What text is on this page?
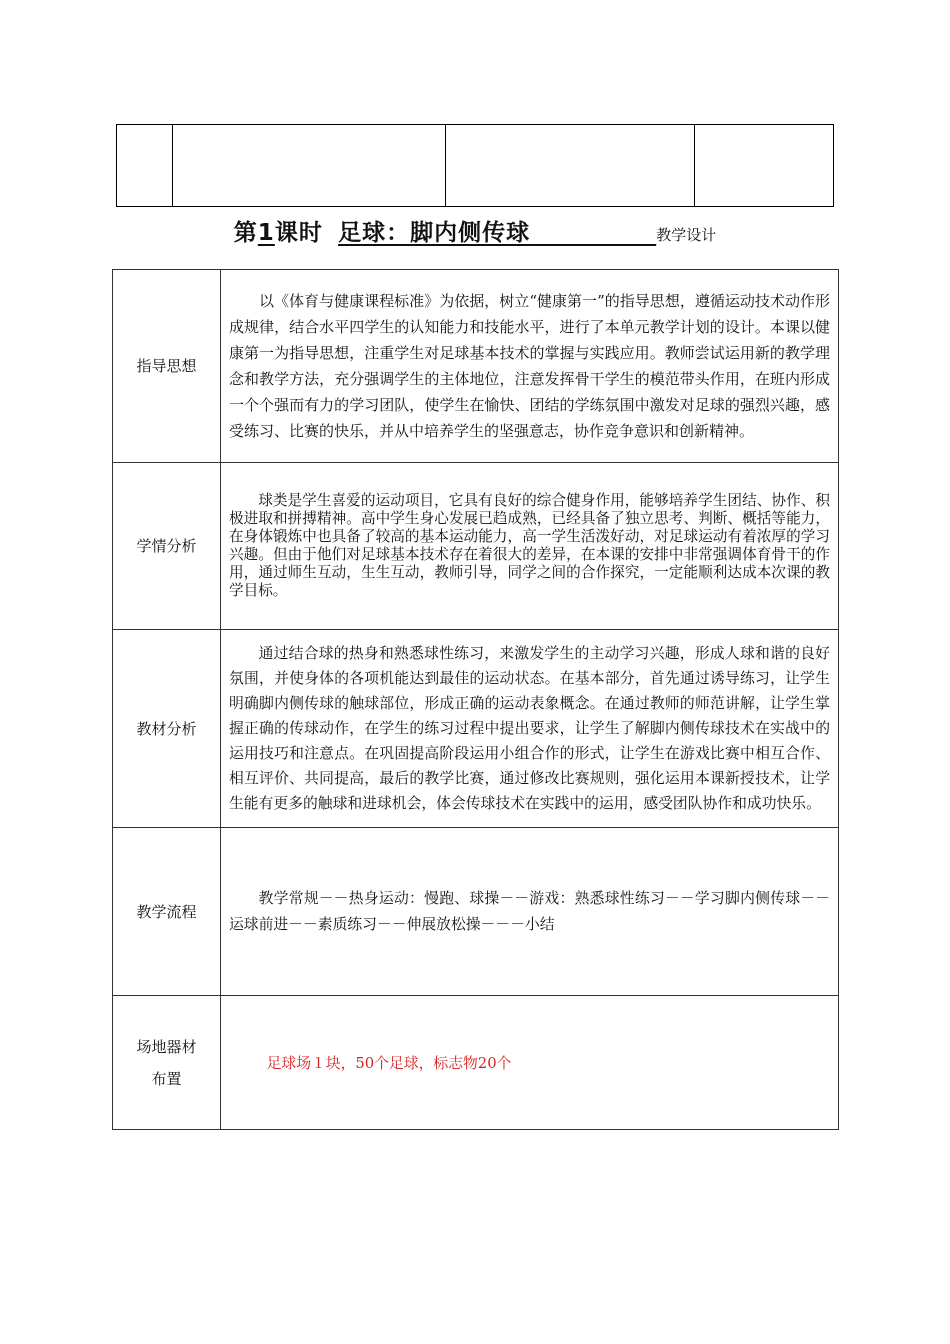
第1课时 足球：脚内侧传球	教学设计
指导思想	以《体育与健康课程标准》为依据，树立“健康第一”的指导思想，遵循运动技术动作形成规律，结合水平四学生的认知能力和技能水平，进行了本单元教学计划的设计。本课以健康第一为指导思想，注重学生对足球基本技术的掌握与实践应用。教师尝试运用新的教学理念和教学方法，充分强调学生的主体地位，注意发挥骨干学生的模范带头作用，在班内形成一个个强而有力的学习团队，使学生在愉快、团结的学练氛围中激发对足球的强烈兴趣，感受练习、比赛的快乐，并从中培养学生的坚强意志，协作竞争意识和创新精神。

学情分析	球类是学生喜爱的运动项目，它具有良好的综合健身作用，能够培养学生团结、协作、积极进取和拼搏精神。高中学生身心发展已趋成熟，已经具备了独立思考、判断、概括等能力，在身体锻炼中也具备了较高的基本运动能力，高一学生活泼好动，对足球运动有着浓厚的学习兴趣。但由于他们对足球基本技术存在着很大的差异，在本课的安排中非常强调体育骨干的作用，通过师生互动，生生互动，教师引导，同学之间的合作探究，一定能顺利达成本次课的教学目标。

教材分析	通过结合球的热身和熟悉球性练习，来激发学生的主动学习兴趣，形成人球和谐的良好氛围，并使身体的各项机能达到最佳的运动状态。在基本部分，首先通过诱导练习，让学生明确脚内侧传球的触球部位，形成正确的运动表象概念。在通过教师的师范讲解，让学生掌握正确的传球动作，在学生的练习过程中提出要求，让学生了解脚内侧传球技术在实战中的运用技巧和注意点。在巩固提高阶段运用小组合作的形式，让学生在游戏比赛中相互合作、相互评价、共同提高，最后的教学比赛，通过修改比赛规则，强化运用本课新授技术，让学生能有更多的触球和进球机会，体会传球技术在实践中的运用，感受团队协作和成功快乐。

教学流程	教学常规－－热身运动：慢跑、球操－－游戏：熟悉球性练习－－学习脚内侧传球－－运球前进－－素质练习－－伸展放松操－－－小结

场地器材
布置	足球场１块，50个足球，标志物20个
